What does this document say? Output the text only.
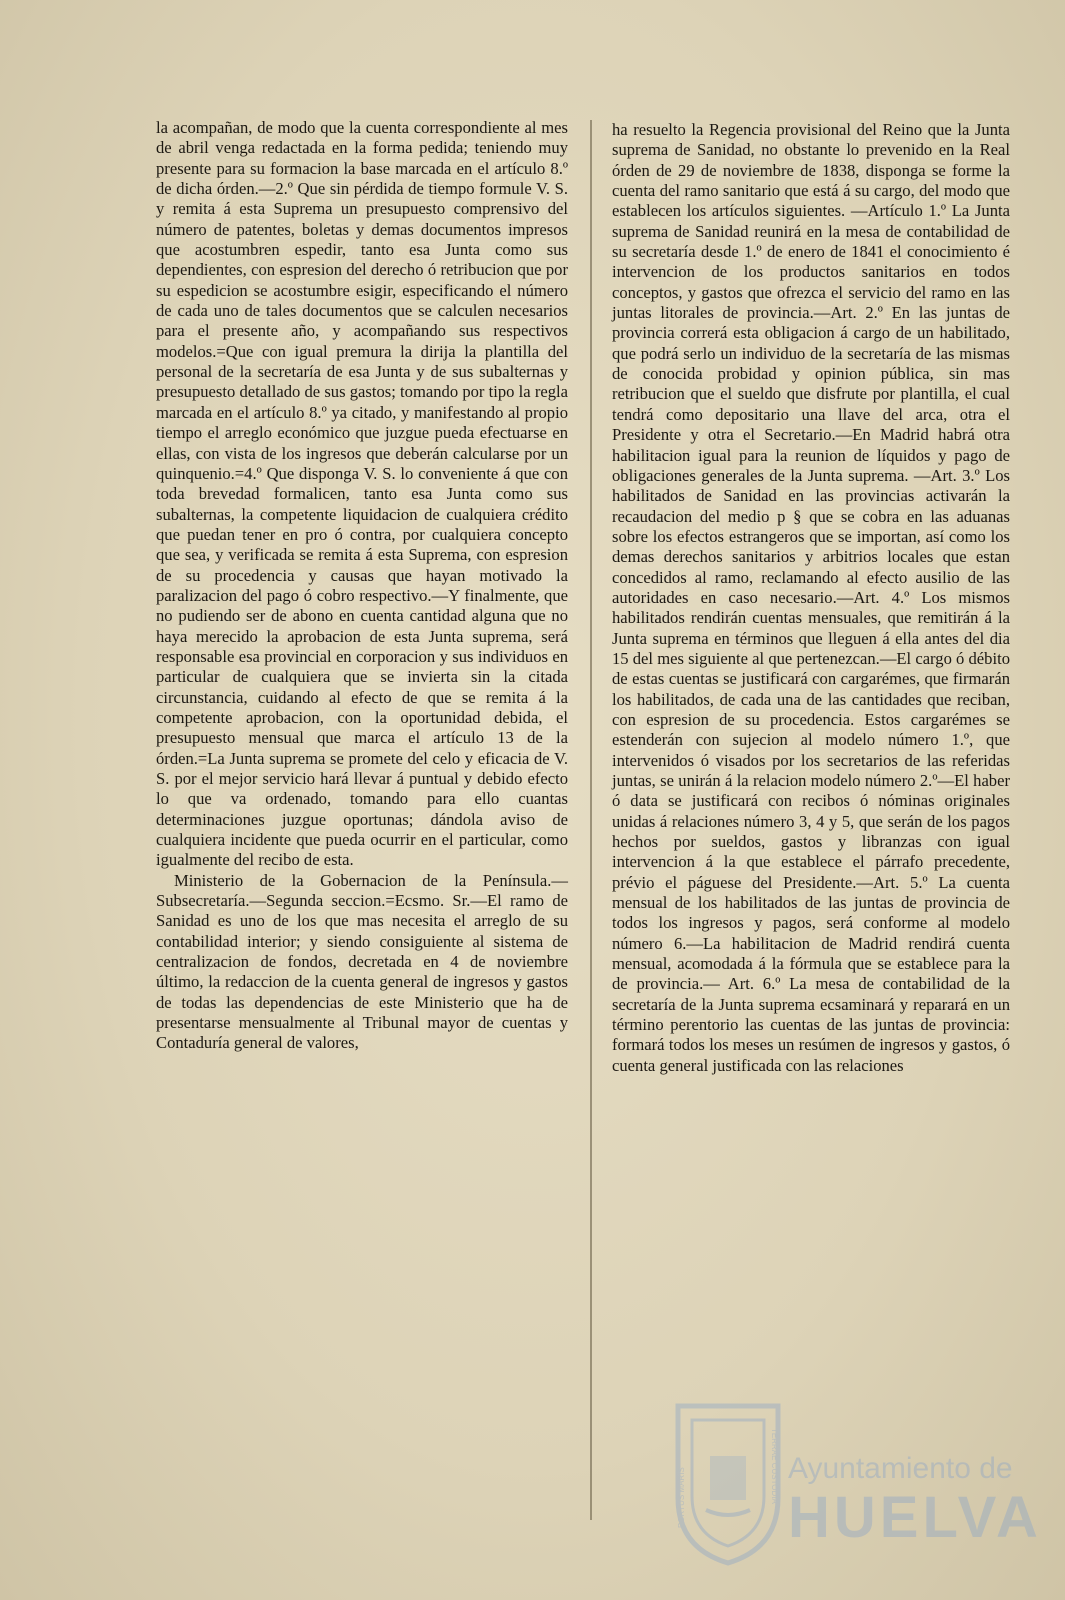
la acompañan, de modo que la cuenta correspondiente al mes de abril venga redactada en la forma pedida; teniendo muy presente para su formacion la base marcada en el artículo 8.º de dicha órden.—2.º Que sin pérdida de tiempo formule V. S. y remita á esta Suprema un presupuesto comprensivo del número de patentes, boletas y demas documentos impresos que acostumbren espedir, tanto esa Junta como sus dependientes, con espresion del derecho ó retribucion que por su espedicion se acostumbre esigir, especificando el número de cada uno de tales documentos que se calculen necesarios para el presente año, y acompañando sus respectivos modelos.=Que con igual premura la dirija la plantilla del personal de la secretaría de esa Junta y de sus subalternas y presupuesto detallado de sus gastos; tomando por tipo la regla marcada en el artículo 8.º ya citado, y manifestando al propio tiempo el arreglo económico que juzgue pueda efectuarse en ellas, con vista de los ingresos que deberán calcularse por un quinquenio.=4.º Que disponga V. S. lo conveniente á que con toda brevedad formalicen, tanto esa Junta como sus subalternas, la competente liquidacion de cualquiera crédito que puedan tener en pro ó contra, por cualquiera concepto que sea, y verificada se remita á esta Suprema, con espresion de su procedencia y causas que hayan motivado la paralizacion del pago ó cobro respectivo.—Y finalmente, que no pudiendo ser de abono en cuenta cantidad alguna que no haya merecido la aprobacion de esta Junta suprema, será responsable esa provincial en corporacion y sus individuos en particular de cualquiera que se invierta sin la citada circunstancia, cuidando al efecto de que se remita á la competente aprobacion, con la oportunidad debida, el presupuesto mensual que marca el artículo 13 de la órden.=La Junta suprema se promete del celo y eficacia de V. S. por el mejor servicio hará llevar á puntual y debido efecto lo que va ordenado, tomando para ello cuantas determinaciones juzgue oportunas; dándola aviso de cualquiera incidente que pueda ocurrir en el particular, como igualmente del recibo de esta.

Ministerio de la Gobernacion de la Península.—Subsecretaría.—Segunda seccion.=Ecsmo. Sr.—El ramo de Sanidad es uno de los que mas necesita el arreglo de su contabilidad interior; y siendo consiguiente al sistema de centralizacion de fondos, decretada en 4 de noviembre último, la redaccion de la cuenta general de ingresos y gastos de todas las dependencias de este Ministerio que ha de presentarse mensualmente al Tribunal mayor de cuentas y Contaduría general de valores,

ha resuelto la Regencia provisional del Reino que la Junta suprema de Sanidad, no obstante lo prevenido en la Real órden de 29 de noviembre de 1838, disponga se forme la cuenta del ramo sanitario que está á su cargo, del modo que establecen los artículos siguientes. —Artículo 1.º La Junta suprema de Sanidad reunirá en la mesa de contabilidad de su secretaría desde 1.º de enero de 1841 el conocimiento é intervencion de los productos sanitarios en todos conceptos, y gastos que ofrezca el servicio del ramo en las juntas litorales de provincia.—Art. 2.º En las juntas de provincia correrá esta obligacion á cargo de un habilitado, que podrá serlo un individuo de la secretaría de las mismas de conocida probidad y opinion pública, sin mas retribucion que el sueldo que disfrute por plantilla, el cual tendrá como depositario una llave del arca, otra el Presidente y otra el Secretario.—En Madrid habrá otra habilitacion igual para la reunion de líquidos y pago de obligaciones generales de la Junta suprema. —Art. 3.º Los habilitados de Sanidad en las provincias activarán la recaudacion del medio p § que se cobra en las aduanas sobre los efectos estrangeros que se importan, así como los demas derechos sanitarios y arbitrios locales que estan concedidos al ramo, reclamando al efecto ausilio de las autoridades en caso necesario.—Art. 4.º Los mismos habilitados rendirán cuentas mensuales, que remitirán á la Junta suprema en términos que lleguen á ella antes del dia 15 del mes siguiente al que pertenezcan.—El cargo ó débito de estas cuentas se justificará con cargarémes, que firmarán los habilitados, de cada una de las cantidades que reciban, con espresion de su procedencia. Estos cargarémes se estenderán con sujecion al modelo número 1.º, que intervenidos ó visados por los secretarios de las referidas juntas, se unirán á la relacion modelo número 2.º—El haber ó data se justificará con recibos ó nóminas originales unidas á relaciones número 3, 4 y 5, que serán de los pagos hechos por sueldos, gastos y libranzas con igual intervencion á la que establece el párrafo precedente, prévio el páguese del Presidente.—Art. 5.º La cuenta mensual de los habilitados de las juntas de provincia de todos los ingresos y pagos, será conforme al modelo número 6.—La habilitacion de Madrid rendirá cuenta mensual, acomodada á la fórmula que se establece para la de provincia.— Art. 6.º La mesa de contabilidad de la secretaría de la Junta suprema ecsaminará y reparará en un término perentorio las cuentas de las juntas de provincia: formará todos los meses un resúmen de ingresos y gastos, ó cuenta general justificada con las relaciones

PORTUS MARIS	TERRAE CUSTODIA Ayuntamiento de
HUELVA
